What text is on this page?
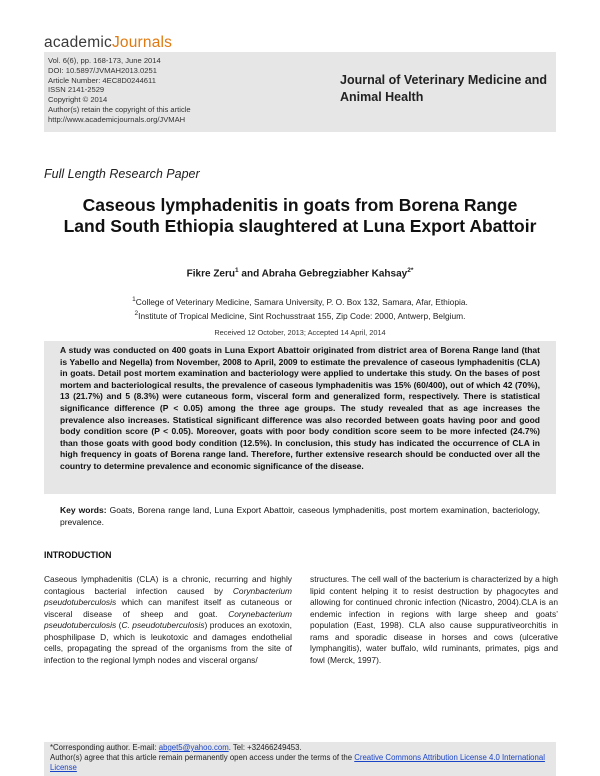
academicJournals
Vol. 6(6), pp. 168-173, June 2014
DOI: 10.5897/JVMAH2013.0251
Article Number: 4EC8D0244611
ISSN 2141-2529
Copyright © 2014
Author(s) retain the copyright of this article
http://www.academicjournals.org/JVMAH
Journal of Veterinary Medicine and Animal Health
Full Length Research Paper
Caseous lymphadenitis in goats from Borena Range Land South Ethiopia slaughtered at Luna Export Abattoir
Fikre Zeru$^1$ and Abraha Gebregziabher Kahsay$^{2*}$
$^1$College of Veterinary Medicine, Samara University, P. O. Box 132, Samara, Afar, Ethiopia.
$^2$Institute of Tropical Medicine, Sint Rochusstraat 155, Zip Code: 2000, Antwerp, Belgium.
Received 12 October, 2013; Accepted 14 April, 2014

A study was conducted on 400 goats in Luna Export Abattoir originated from district area of Borena Range land (that is Yabello and Negella) from November, 2008 to April, 2009 to estimate the prevalence of caseous lymphadenitis (CLA) in goats. Detail post mortem examination and bacteriology were applied to undertake this study. On the bases of post mortem and bacteriological results, the prevalence of caseous lymphadenitis was 15% (60/400), out of which 42 (70%), 13 (21.7%) and 5 (8.3%) were cutaneous form, visceral form and generalized form, respectively. There is statistical significance difference (P < 0.05) among the three age groups. The study revealed that as age increases the prevalence also increases. Statistical significant difference was also recorded between goats having poor and good body condition score (P < 0.05). Moreover, goats with poor body condition score seem to be more infected (24.7%) than those goats with good body condition (12.5%). In conclusion, this study has indicated the occurrence of CLA in high frequency in goats of Borena range land. Therefore, further extensive research should be conducted over all the country to determine prevalence and economic significance of the disease.

Key words: Goats, Borena range land, Luna Export Abattoir, caseous lymphadenitis, post mortem examination, bacteriology, prevalence.

INTRODUCTION

Caseous lymphadenitis (CLA) is a chronic, recurring and highly contagious bacterial infection caused by Corynbacterium pseudotuberculosis which can manifest itself as cutaneous or visceral disease of sheep and goat. Corynebacterium pseudotuberculosis (C. pseudotuberculosis) produces an exotoxin, phosphilipase D, which is leukotoxic and damages endothelial cells, propagating the spread of the organisms from the site of infection to the regional lymph nodes and visceral organs/

structures. The cell wall of the bacterium is characterized by a high lipid content helping it to resist destruction by phagocytes and allowing for continued chronic infection (Nicastro, 2004).CLA is an endemic infection in regions with large sheep and goats’ population (East, 1998). CLA also cause suppurativeorchitis in rams and sporadic disease in horses and cows (ulcerative lymphangitis), water buffalo, wild ruminants, primates, pigs and fowl (Merck, 1997).

*Corresponding author. E-mail: abget5@yahoo.com. Tel: +32466249453.
Author(s) agree that this article remain permanently open access under the terms of the Creative Commons Attribution License 4.0 International License
